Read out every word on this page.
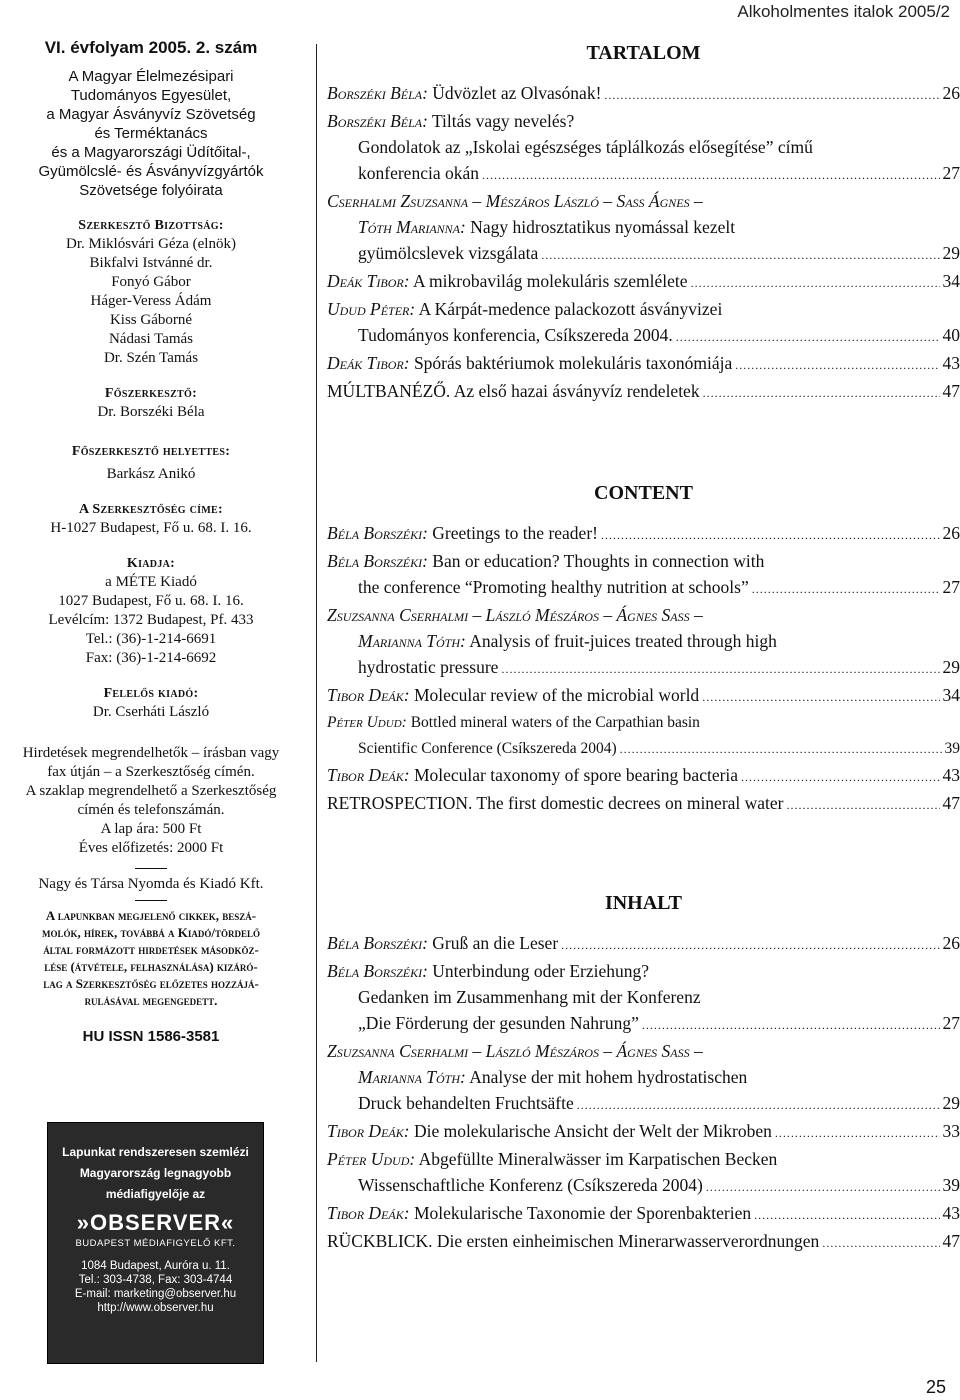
Alkoholmentes italok 2005/2
VI. évfolyam 2005. 2. szám
A Magyar Élelmezésipari
Tudományos Egyesület,
a Magyar Ásványvíz Szövetség
és Terméktanács
és a Magyarországi Üdítőital-,
Gyümölcslé- és Ásványvízgyártók
Szövetsége folyóirata
Szerkesztő Bizottság:
Dr. Miklósvári Géza (elnök)
Bikfalvi Istvánné dr.
Fonyó Gábor
Háger-Veress Ádám
Kiss Gáborné
Nádasi Tamás
Dr. Szén Tamás
Főszerkesztő:
Dr. Borszéki Béla
Főszerkesztő helyettes:
Barkász Anikó
A Szerkesztőség címe:
H-1027 Budapest, Fő u. 68. I. 16.
Kiadja:
a MÉTE Kiadó
1027 Budapest, Fő u. 68. I. 16.
Levélcím: 1372 Budapest, Pf. 433
Tel.: (36)-1-214-6691
Fax: (36)-1-214-6692
Felelős kiadó:
Dr. Cserháti László
Hirdetések megrendelhetők – írásban vagy
fax útján – a Szerkesztőség címén.
A szaklap megrendelhető a Szerkesztőség
címén és telefonszámán.
A lap ára: 500 Ft
Éves előfizetés: 2000 Ft
Nagy és Társa Nyomda és Kiadó Kft.
A lapunkban megjelenő cikkek, beszá-
molók, hírek, továbbá a Kiadó/tördelő
által formázott hirdetések másodköz-
lése (átvétele, felhasználása) kizáró-
lag a Szerkesztőség előzetes hozzájá-
rulásával megengedett.
HU ISSN 1586-3581
Lapunkat rendszeresen szemlézi
Magyarország legnagyobb
médiafigyelője az
»OBSERVER«
BUDAPEST MÉDIAFIGYELŐ KFT.
1084 Budapest, Auróra u. 11.
Tel.: 303-4738, Fax: 303-4744
E-mail: marketing@observer.hu
http://www.observer.hu
TARTALOM
Borszéki Béla: Üdvözlet az Olvasónak! .....	26
Borszéki Béla: Tiltás vagy nevelés?
Gondolatok az „Iskolai egészséges táplálkozás elősegítése” című
konferencia okán .....	27
Cserhalmi Zsuzsanna – Mészáros László – Sass Ágnes –
Tóth Marianna: Nagy hidrosztatikus nyomással kezelt
gyümölcslevek vizsgálata .....	29
Deák Tibor: A mikrobavilág molekuláris szemlélete .....	34
Udud Péter: A Kárpát-medence palackozott ásványvizei
Tudományos konferencia, Csíkszereda 2004. .....	40
Deák Tibor: Spórás baktériumok molekuláris taxonómiája .....	43
MÚLTBANÉZŐ. Az első hazai ásványvíz rendeletek .....	47
CONTENT
Béla Borszéki: Greetings to the reader! .....	26
Béla Borszéki: Ban or education? Thoughts in connection with
the conference “Promoting healthy nutrition at schools” .....	27
Zsuzsanna Cserhalmi – László Mészáros – Ágnes Sass –
Marianna Tóth: Analysis of fruit-juices treated through high
hydrostatic pressure .....	29
Tibor Deák: Molecular review of the microbial world .....	34
Péter Udud: Bottled mineral waters of the Carpathian basin
Scientific Conference (Csíkszereda 2004) .....	39
Tibor Deák: Molecular taxonomy of spore bearing bacteria .....	43
RETROSPECTION. The first domestic decrees on mineral water .....	47
INHALT
Béla Borszéki: Gruß an die Leser .....	26
Béla Borszéki: Unterbindung oder Erziehung?
Gedanken im Zusammenhang mit der Konferenz
„Die Förderung der gesunden Nahrung” .....	27
Zsuzsanna Cserhalmi – László Mészáros – Ágnes Sass –
Marianna Tóth: Analyse der mit hohem hydrostatischen
Druck behandelten Fruchtsäfte .....	29
Tibor Deák: Die molekularische Ansicht der Welt der Mikroben .....	33
Péter Udud: Abgefüllte Mineralwässer im Karpatischen Becken
Wissenschaftliche Konferenz (Csíkszereda 2004) .....	39
Tibor Deák: Molekularische Taxonomie der Sporenbakterien .....	43
RÜCKBLICK. Die ersten einheimischen Minerarwasserverordnungen .....	47
25
